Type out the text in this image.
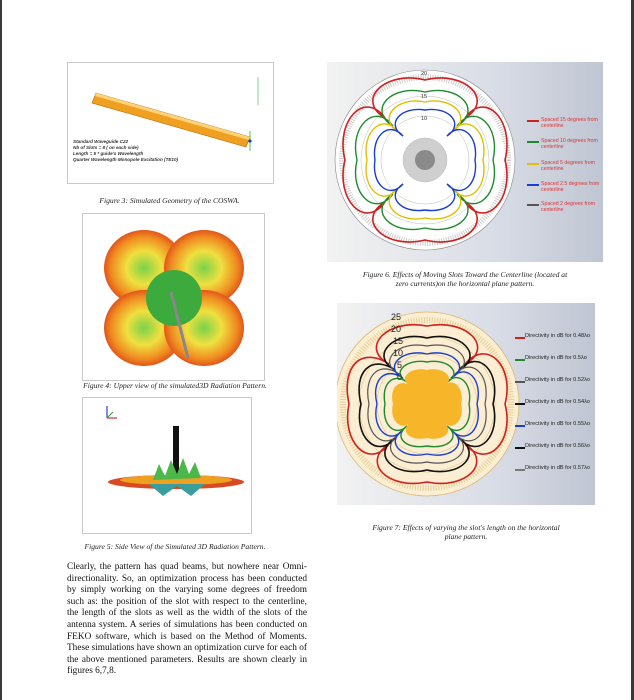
Standard Waveguide C22
Nb of Slots = 8 ( on each side)
Length = 5 * guide's Wavelength
Quarter Wavelength Monopole Excitation (TE10)
Figure 3: Simulated Geometry of the COSWA.
Figure 4: Upper view of the simulated3D Radiation Pattern.
Figure 5: Side View of the Simulated 3D Radiation Pattern.
Clearly, the pattern has quad beams, but nowhere near Omni-directionality. So, an optimization process has been conducted by simply working on the varying some degrees of freedom such as: the position of the slot with respect to the centerline, the length of the slots as well as the width of the slots of the antenna system. A series of simulations has been conducted on FEKO software, which is based on the Method of Moments. These simulations have shown an optimization curve for each of the above mentioned parameters. Results are shown clearly in figures 6,7,8.
20
15
10	Spaced 15 degrees from centerline
Spaced 10 degrees from centerline
Spaced 5 degrees from centerline
Spaced 2.5 degrees from centerline
Spaced 2 degrees from centerline
Figure 6. Effects of Moving Slots Toward the Centerline (located at
zero currents)on the horizontal plane pattern.
25
20
15
10
5
0
Directivity in dB for 0.48λo
Directivity in dB for 0.5λo
Directivity in dB for 0.52λo
Directivity in dB for 0.54λo
Directivity in dB for 0.55λo
Directivity in dB for 0.56λo
Directivity in dB for 0.57λo
Figure 7: Effects of varying the slot's length on the horizontal
plane pattern.
